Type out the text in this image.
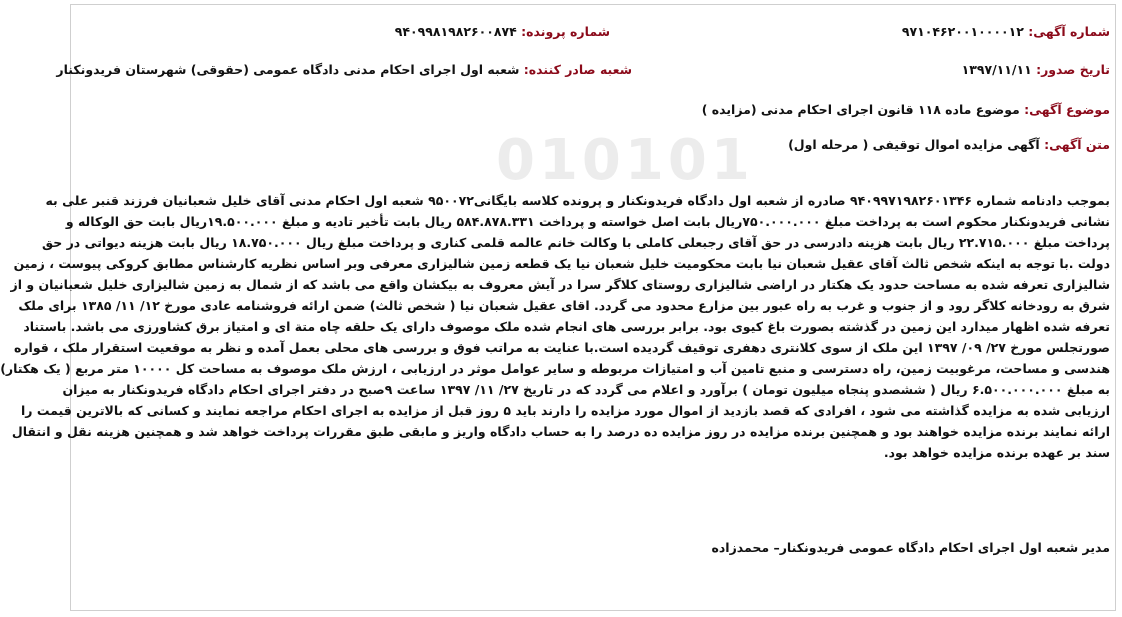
010101
شماره آگهی: ۹۷۱۰۴۶۲۰۰۱۰۰۰۰۱۲
شماره پرونده: ۹۴۰۹۹۸۱۹۸۲۶۰۰۸۷۴
تاریخ صدور: ۱۳۹۷/۱۱/۱۱
شعبه صادر کننده: شعبه اول اجرای احکام مدنی دادگاه عمومی (حقوقی) شهرستان فریدونکنار
موضوع آگهی: موضوع ماده ۱۱۸ قانون اجرای احکام مدنی (مزایده )
متن آگهی: آگهی مزایده اموال توقیفی ( مرحله اول)
بموجب دادنامه شماره ۹۴۰۹۹۷۱۹۸۲۶۰۱۳۴۶ صادره از شعبه اول دادگاه فریدونکنار و پرونده کلاسه بایگانی۹۵۰۰۷۲ شعبه اول احکام مدنی آقای خلیل شعبانیان فرزند قنبر علی به
نشانی فریدونکنار محکوم است به پرداخت مبلغ ۷۵۰.۰۰۰.۰۰۰ریال بابت اصل خواسته و پرداخت ۵۸۴.۸۷۸.۳۳۱ ریال بابت تأخیر تادیه و مبلغ ۱۹.۵۰۰.۰۰۰ریال بابت حق الوکاله و
پرداخت مبلغ ۲۲.۷۱۵.۰۰۰ ریال بابت هزینه دادرسی در حق آقای رجبعلی کاملی با وکالت خانم عالمه قلمی کناری و پرداخت مبلغ ریال ۱۸.۷۵۰.۰۰۰ ریال بابت هزینه دیواتی در حق
دولت .با توجه به اینکه شخص ثالث آقای عقیل شعبان نیا بابت محکومیت خلیل شعبان نیا یک قطعه زمین شالیزاری معرفی وبر اساس نظریه کارشناس مطابق کروکی پیوست ، زمین
شالیزاری تعرفه شده به مساحت حدود یک هکتار در اراضی شالیزاری روستای کلاگر سرا در آیش معروف به بیکشان واقع می باشد که از شمال به زمین شالیزاری خلیل شعبانیان و از
شرق به رودخانه کلاگر رود و از جنوب و غرب به راه عبور بین مزارع محدود می گردد. اقای عقیل شعبان نیا ( شخص ثالث) ضمن ارائه فروشنامه عادی مورخ ۱۲/ ۱۱/ ۱۳۸۵ برای ملک
تعرفه شده اظهار میدارد این زمین در گذشته بصورت باغ کیوی بود. برابر بررسی های انجام شده ملک موصوف دارای یک حلقه چاه متة ای و امتیاز برق کشاورزی می باشد. باستناد
صورتجلس مورخ ۲۷/ ۰۹/ ۱۳۹۷ این ملک از سوی کلانتری دهفری توقیف گردیده است.با عنایت به مراتب فوق و بررسی های محلی بعمل آمده و نظر به موقعیت استقرار ملک ، قواره
هندسی و مساحت، مرغوبیت زمین، راه دسترسی و منبع تامین آب و امتیازات مربوطه و سایر عوامل موثر در ارزیابی ، ارزش ملک موصوف به مساحت کل ۱۰۰۰۰ متر مربع ( یک هکتار)
به مبلغ ۶.۵۰۰.۰۰۰.۰۰۰ ریال ( ششصدو پنجاه میلیون تومان ) برآورد و اعلام می گردد که در تاریخ ۲۷/ ۱۱/ ۱۳۹۷ ساعت ۹صبح در دفتر اجرای احکام دادگاه فریدونکنار به میزان
ارزیابی شده به مزایده گذاشته می شود ، افرادی که قصد بازدید از اموال مورد مزایده را دارند باید ۵ روز قبل از مزایده به اجرای احکام مراجعه نمایند و کسانی که بالاترین قیمت را
ارائه نمایند برنده مزایده خواهند بود و همچنین برنده مزایده در روز مزایده ده درصد را به حساب دادگاه واریز و مابقی طبق مقررات پرداخت خواهد شد و همچنین هزینه نقل و انتقال
سند بر عهده برنده مزایده خواهد بود.
مدیر شعبه اول اجرای احکام دادگاه عمومی فریدونکنار– محمدزاده
